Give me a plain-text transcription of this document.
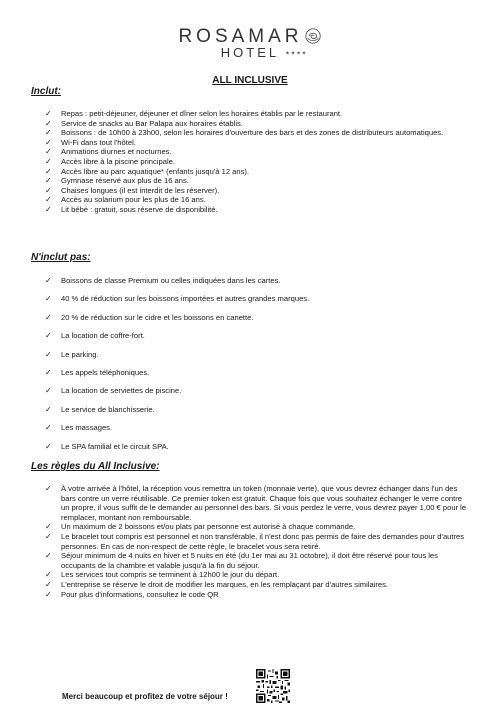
ROSAMAR
HOTEL ★★★★
ALL INCLUSIVE
Inclut:
✓ Repas : petit-déjeuner, déjeuner et dîner selon les horaires établis par le restaurant.
✓ Service de snacks au Bar Palapa aux horaires établis.
✓ Boissons : de 10h00 à 23h00, selon les horaires d'ouverture des bars et des zones de distributeurs automatiques.
✓ Wi-Fi dans tout l'hôtel.
✓ Animations diurnes et nocturnes.
✓ Accès libre à la piscine principale.
✓ Accès libre au parc aquatique* (enfants jusqu'à 12 ans).
✓ Gymnase réservé aux plus de 16 ans.
✓ Chaises longues (il est interdit de les réserver).
✓ Accès au solarium pour les plus de 16 ans.
✓ Lit bébé : gratuit, sous réserve de disponibilité.
N'inclut pas:
✓ Boissons de classe Premium ou celles indiquées dans les cartes.
✓ 40 % de réduction sur les boissons importées et autres grandes marques.
✓ 20 % de réduction sur le cidre et les boissons en canette.
✓ La location de coffre-fort.
✓ Le parking.
✓ Les appels téléphoniques.
✓ La location de serviettes de piscine.
✓ Le service de blanchisserie.
✓ Les massages.
✓ Le SPA familial et le circuit SPA.
Les règles du All Inclusive:
✓ À votre arrivée à l'hôtel, la réception vous remettra un token (monnaie verte), que vous devrez échanger dans l'un des bars contre un verre réutilisable. Ce premier token est gratuit. Chaque fois que vous souhaitez échanger le verre contre un propre, il vous suffit de le demander au personnel des bars. Si vous perdez le verre, vous devrez payer 1,00 € pour le remplacer, montant non remboursable.
✓ Un maximum de 2 boissons et/ou plats par personne est autorisé à chaque commande.
✓ Le bracelet tout compris est personnel et non transférable, il n'est donc pas permis de faire des demandes pour d'autres personnes. En cas de non-respect de cette règle, le bracelet vous sera retiré.
✓ Séjour minimum de 4 nuits en hiver et 5 nuits en été (du 1er mai au 31 octobre), il doit être réservé pour tous les occupants de la chambre et valable jusqu'à la fin du séjour.
✓ Les services tout compris se terminent à 12h00 le jour du départ.
✓ L'entreprise se réserve le droit de modifier les marques, en les remplaçant par d'autres similaires.
✓ Pour plus d'informations, consultez le code QR
Merci beaucoup et profitez de votre séjour !
